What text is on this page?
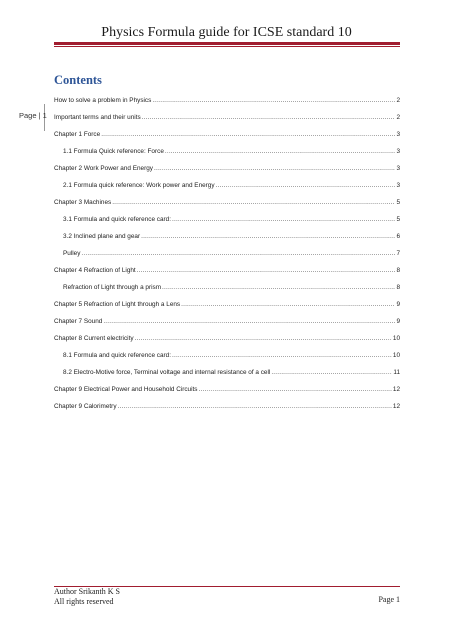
Physics Formula guide for ICSE standard 10
Contents
Page | 1
How to solve a problem in Physics .....	2
Important terms and their units .....	2
Chapter 1 Force .....	3
1.1 Formula Quick reference: Force .....	3
Chapter 2 Work Power and Energy .....	3
2.1 Formula quick reference: Work power and Energy .....	3
Chapter 3 Machines .....	5
3.1 Formula and quick reference card: .....	5
3.2 Inclined plane and gear .....	6
Pulley .....	7
Chapter 4 Refraction of Light .....	8
Refraction of Light through a prism .....	8
Chapter 5 Refraction of Light through a Lens .....	9
Chapter 7 Sound .....	9
Chapter 8 Current electricity .....	10
8.1 Formula and quick reference card: .....	10
8.2 Electro-Motive force, Terminal voltage and internal resistance of a cell .....	11
Chapter 9 Electrical Power and Household Circuits .....	12
Chapter 9 Calorimetry .....	12
Author Srikanth K S
All rights reserved	Page 1
